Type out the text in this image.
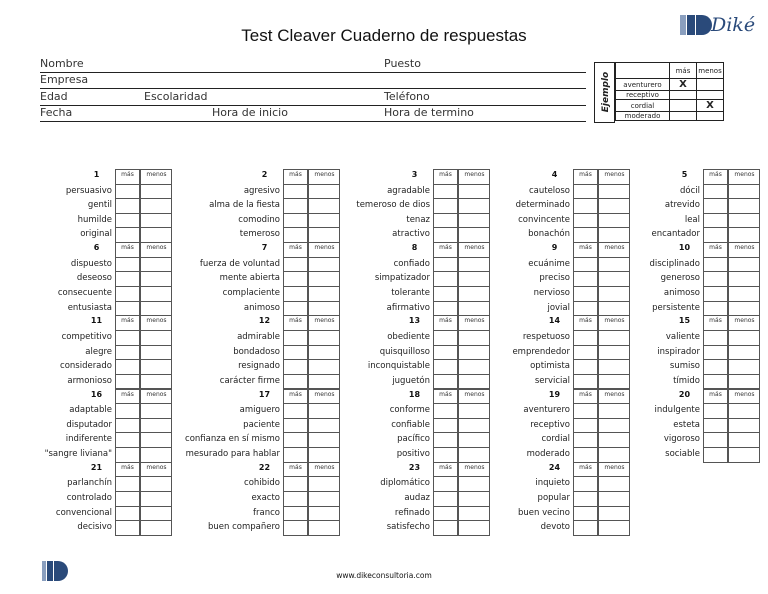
Test Cleaver Cuaderno de respuestas	Diké
Nombre	Puesto
Empresa
Edad	Escolaridad	Teléfono
Fecha	Hora de inicio	Hora de termino
Ejemplo
	más	menos
aventurero	X	
receptivo		
cordial		X
moderado		
1	más	menos
persuasivo
gentil
humilde
original
2	más	menos
agresivo
alma de la fiesta
comodino
temeroso
3	más	menos
agradable
temeroso de dios
tenaz
atractivo
4	más	menos
cauteloso
determinado
convincente
bonachón
5	más	menos
dócil
atrevido
leal
encantador
6	más	menos
dispuesto
deseoso
consecuente
entusiasta
7	más	menos
fuerza de voluntad
mente abierta
complaciente
animoso
8	más	menos
confiado
simpatizador
tolerante
afirmativo
9	más	menos
ecuánime
preciso
nervioso
jovial
10	más	menos
disciplinado
generoso
animoso
persistente
11	más	menos
competitivo
alegre
considerado
armonioso
12	más	menos
admirable
bondadoso
resignado
carácter firme
13	más	menos
obediente
quisquilloso
inconquistable
juguetón
14	más	menos
respetuoso
emprendedor
optimista
servicial
15	más	menos
valiente
inspirador
sumiso
tímido
16	más	menos
adaptable
disputador
indiferente
"sangre liviana"
17	más	menos
amiguero
paciente
confianza en sí mismo
mesurado para hablar
18	más	menos
conforme
confiable
pacífico
positivo
19	más	menos
aventurero
receptivo
cordial
moderado
20	más	menos
indulgente
esteta
vigoroso
sociable
21	más	menos
parlanchín
controlado
convencional
decisivo
22	más	menos
cohibido
exacto
franco
buen compañero
23	más	menos
diplomático
audaz
refinado
satisfecho
24	más	menos
inquieto
popular
buen vecino
devoto
www.dikeconsultoria.com
